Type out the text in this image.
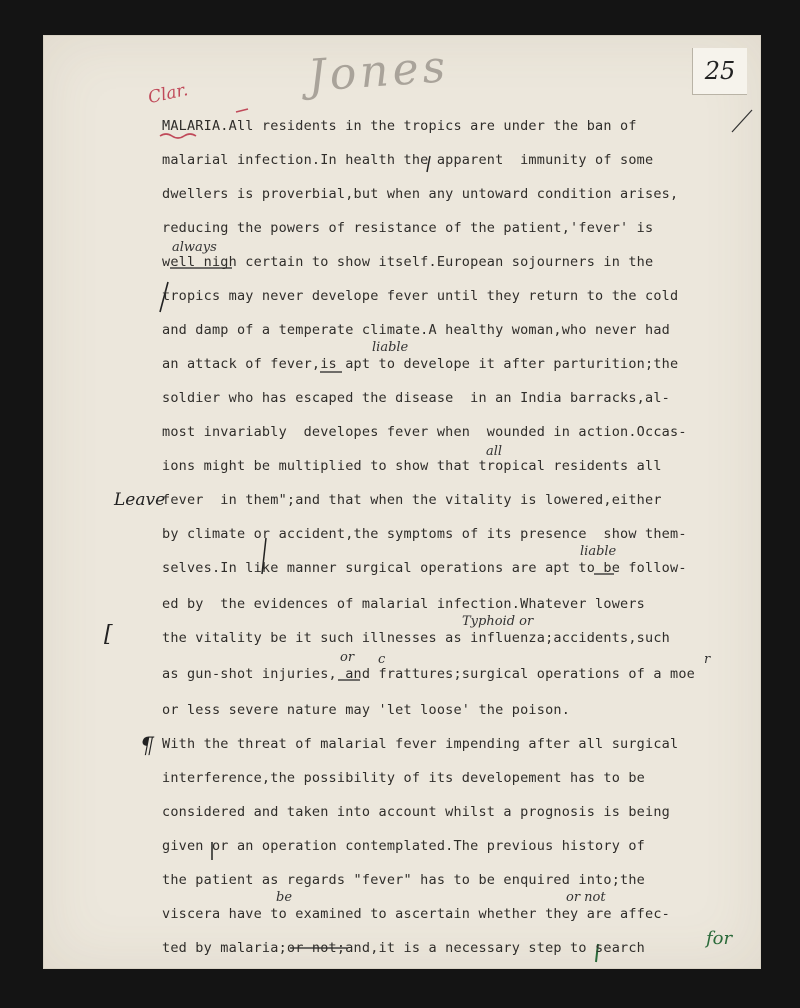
25
Jones
Clar.
Leave
[
¶
for
MALARIA.All residents in the tropics are under the ban of
malarial infection.In health the apparent  immunity of some
dwellers is proverbial,but when any untoward condition arises,
reducing the powers of resistance of the patient,'fever' is
well nigh certain to show itself.European sojourners in the
tropics may never develope fever until they return to the cold
and damp of a temperate climate.A healthy woman,who never had
an attack of fever,is apt to develope it after parturition;the
soldier who has escaped the disease  in an India barracks,al-
most invariably  developes fever when  wounded in action.Occas-
ions might be multiplied to show that tropical residents all
fever  in them";and that when the vitality is lowered,either
by climate or accident,the symptoms of its presence  show them-
selves.In like manner surgical operations are apt to be follow-
ed by  the evidences of malarial infection.Whatever lowers
the vitality be it such illnesses as influenza;accidents,such
as gun-shot injuries, and frattures;surgical operations of a moe
or less severe nature may 'let loose' the poison.
With the threat of malarial fever impending after all surgical
interference,the possibility of its developement has to be
considered and taken into account whilst a prognosis is being
given or an operation contemplated.The previous history of
the patient as regards "fever" has to be enquired into;the
viscera have to examined to ascertain whether they are affec-
ted by malaria;or not;and,it is a necessary step to search
always
liable
liable
all
Typhoid or
or c	r
be	or not
